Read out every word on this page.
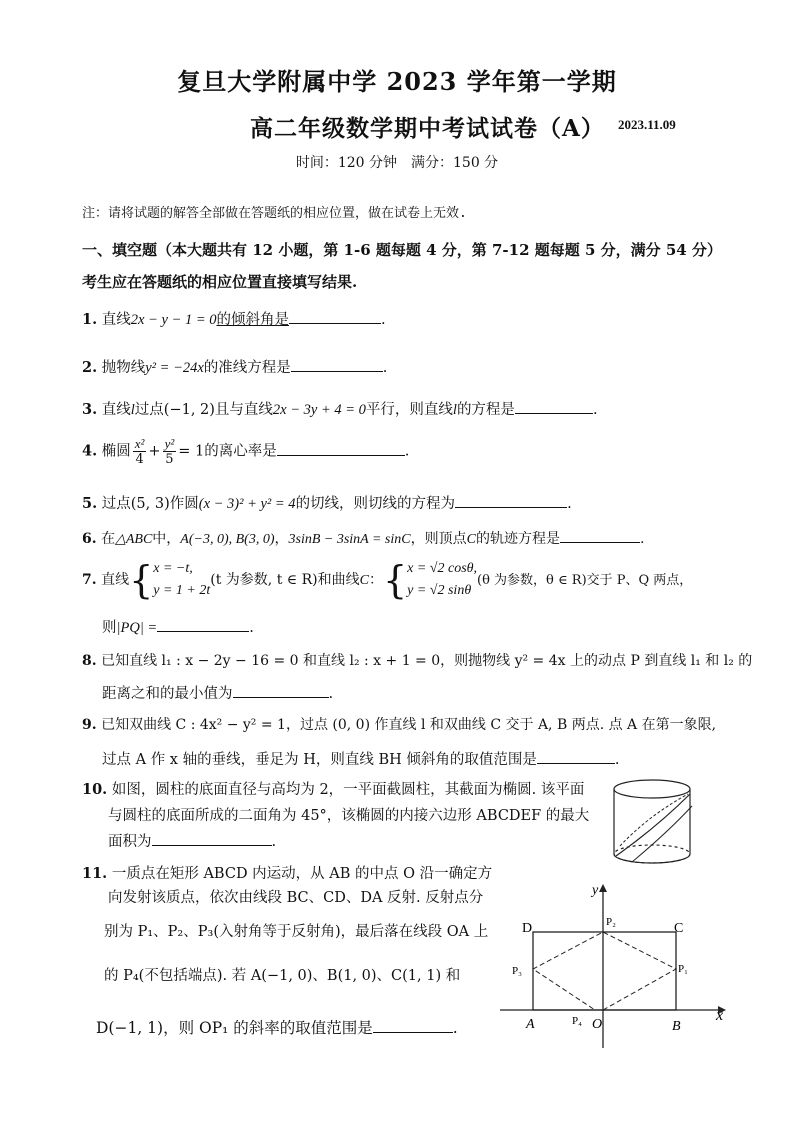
复旦大学附属中学 2023 学年第一学期
高二年级数学期中考试试卷（A） 2023.11.09
时间：120 分钟　满分：150 分
注：请将试题的解答全部做在答题纸的相应位置，做在试卷上无效.
一、填空题（本大题共有 12 小题，第 1-6 题每题 4 分，第 7-12 题每题 5 分，满分 54 分）考生应在答题纸的相应位置直接填写结果.
1. 直线2x − y − 1 = 0的倾斜角是	.
2. 抛物线y² = −24x的准线方程是	.
3. 直线l过点(−1, 2)且与直线2x − 3y + 4 = 0平行，则直线l的方程是	.
4. 椭圆 $\frac{\text{x²}}{4} + \frac{\text{y²}}{5} = 1$的离心率是	.
5. 过点(5, 3)作圆(x − 3)² + y² = 4的切线，则切线的方程为	.
6. 在△ABC中，A(−3, 0), B(3, 0)，3sinB − 3sinA = sinC，则顶点C的轨迹方程是	.
7. 直线{ x = −t,
y = 1 + 2t
(t 为参数, t ∈ R)和曲线C：{ x = √2 cosθ,
y = √2 sinθ
(θ 为参数，θ ∈ R)交于 P、Q 两点，
则|PQ| =	.
8. 已知直线 l₁ : x − 2y − 16 = 0 和直线 l₂ : x + 1 = 0，则抛物线 y² = 4x 上的动点 P 到直线 l₁ 和 l₂ 的
距离之和的最小值为	.
9. 已知双曲线 C : 4x² − y² = 1，过点 (0, 0) 作直线 l 和双曲线 C 交于 A, B 两点. 点 A 在第一象限,
过点 A 作 x 轴的垂线，垂足为 H，则直线 BH 倾斜角的取值范围是	.
10. 如图，圆柱的底面直径与高均为 2，一平面截圆柱，其截面为椭圆. 该平面
与圆柱的底面所成的二面角为 45°，该椭圆的内接六边形 ABCDEF 的最大
面积为	.
11. 一质点在矩形 ABCD 内运动，从 AB 的中点 O 沿一确定方
向发射该质点，依次由线段 BC、CD、DA 反射. 反射点分
别为 P₁、P₂、P₃(入射角等于反射角)，最后落在线段 OA 上
的 P₄(不包括端点). 若 A(−1, 0)、B(1, 0)、C(1, 1) 和
D(−1, 1)，则 OP₁ 的斜率的取值范围是	.
y
x
D	C
A	B
O
P₂
P₁
P₃
P₄
